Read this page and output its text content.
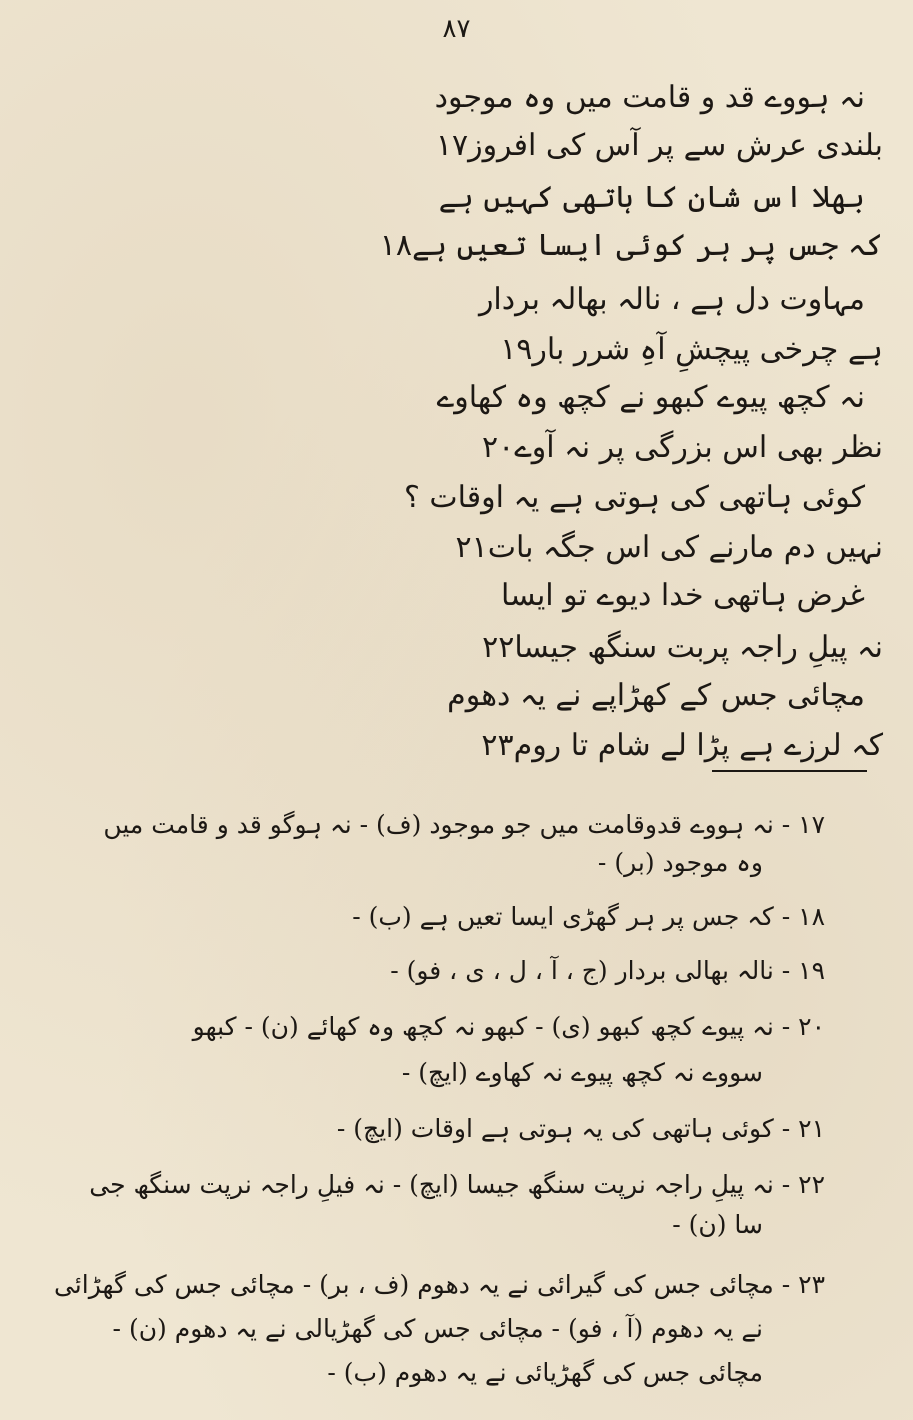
۸۷
نہ ہووے قد و قامت میں وہ موجود
بلندی عرش سے پر آس کی افروز۱۷
بھلا اس شان کا ہاتھی کہیں ہے
کہ جس پر ہر کوئی ایسا تعیں ہے۱۸
مہاوت دل ہے ، نالہ بھالہ بردار
ہے چرخی پیچشِ آہِ شرر بار۱۹
نہ کچھ پیوے کبھو نے کچھ وہ کھاوے
نظر بھی اس بزرگی پر نہ آوے۲۰
کوئی ہاتھی کی ہوتی ہے یہ اوقات ؟
نہیں دم مارنے کی اس جگہ بات۲۱
غرض ہاتھی خدا دیوے تو ایسا
نہ پیلِ راجہ پربت سنگھ جیسا۲۲
مچائی جس کے کھڑاپے نے یہ دھوم
کہ لرزے ہے پڑا لے شام تا روم۲۳
۱۷ - نہ ہووے قدوقامت میں جو موجود (ف) - نہ ہوگو قد و قامت میں
وہ موجود (بر) -
۱۸ - کہ جس پر ہر گھڑی ایسا تعیں ہے (ب) -
۱۹ - نالہ بھالی بردار (ج ، آ ، ل ، ی ، فو) -
۲۰ - نہ پیوے کچھ کبھو (ی) - کبھو نہ کچھ وہ کھائے (ن) - کبھو
سووے نہ کچھ پیوے نہ کھاوے (ایچ) -
۲۱ - کوئی ہاتھی کی یہ ہوتی ہے اوقات (ایچ) -
۲۲ - نہ پیلِ راجہ نرپت سنگھ جیسا (ایچ) - نہ فیلِ راجہ نرپت سنگھ جی
سا (ن) -
۲۳ - مچائی جس کی گیرائی نے یہ دھوم (ف ، بر) - مچائی جس کی گھڑائی
نے یہ دھوم (آ ، فو) - مچائی جس کی گھڑیالی نے یہ دھوم (ن) -
مچائی جس کی گھڑیائی نے یہ دھوم (ب) -
